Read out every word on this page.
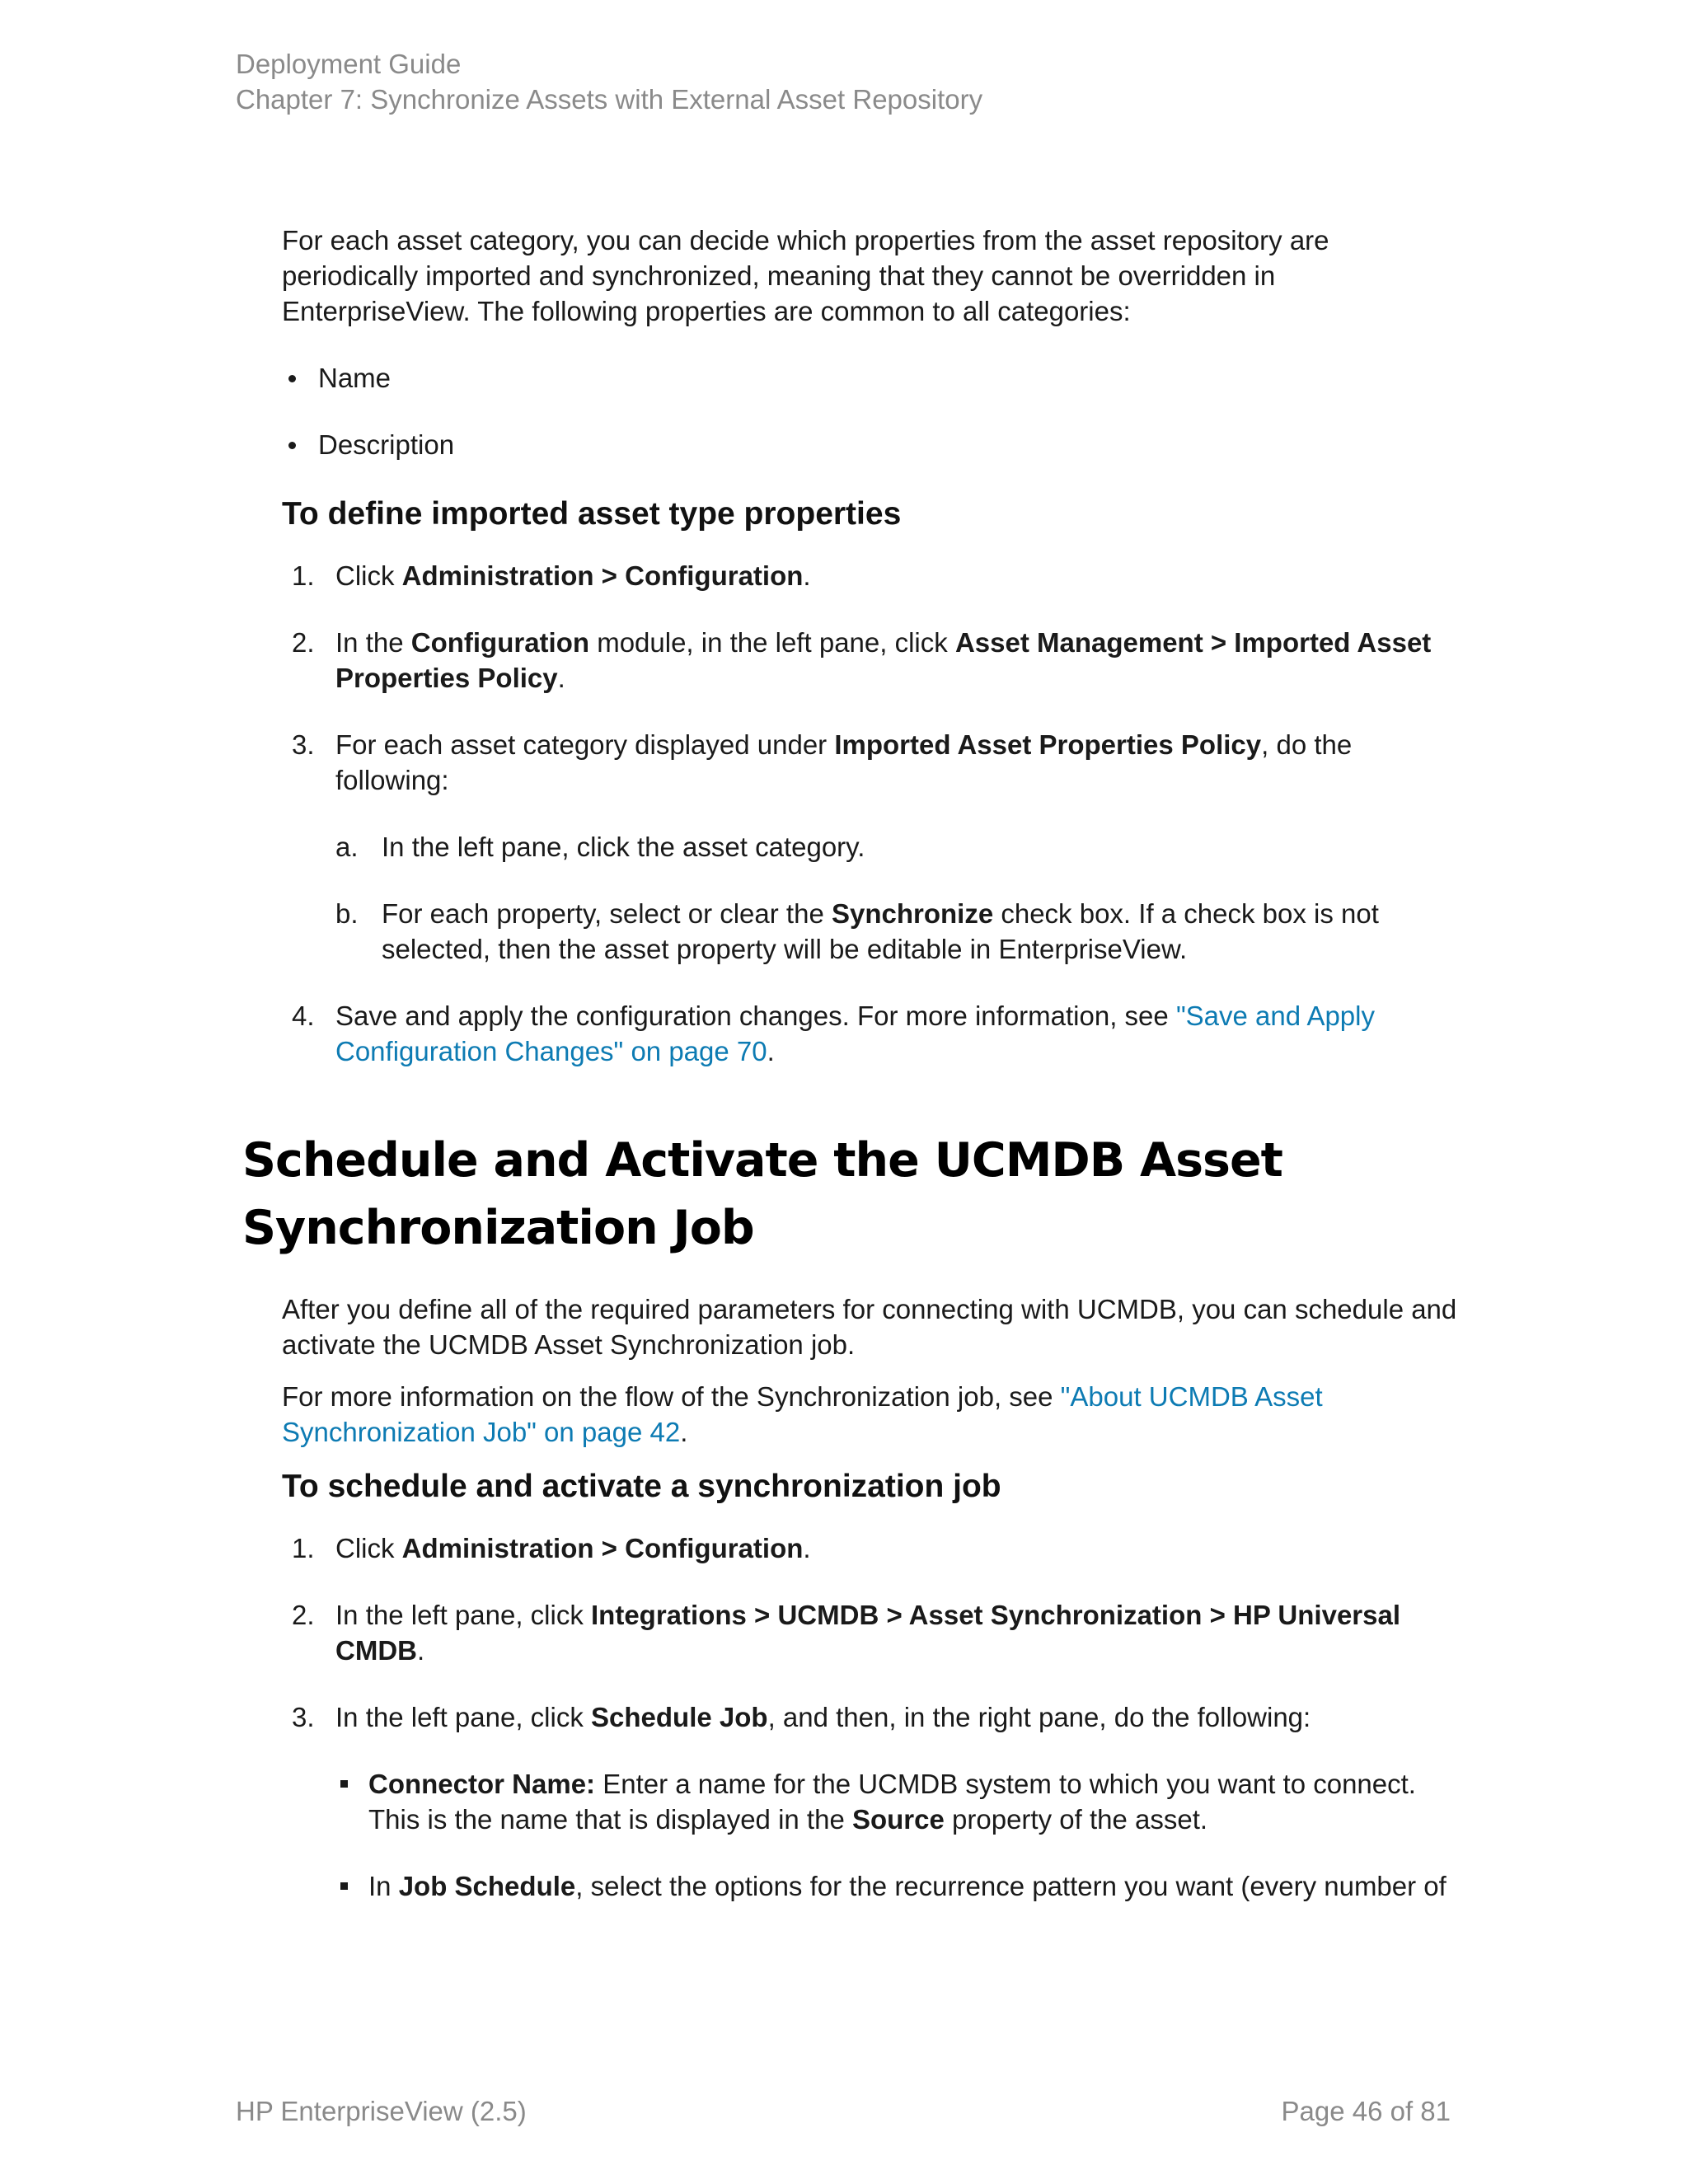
Deployment Guide
Chapter 7: Synchronize Assets with External Asset Repository

For each asset category, you can decide which properties from the asset repository are periodically imported and synchronized, meaning that they cannot be overridden in EnterpriseView. The following properties are common to all categories:

Name
Description
To define imported asset type properties
1. Click Administration > Configuration.
2. In the Configuration module, in the left pane, click Asset Management > Imported Asset Properties Policy.
3. For each asset category displayed under Imported Asset Properties Policy, do the following:
a. In the left pane, click the asset category.
b. For each property, select or clear the Synchronize check box. If a check box is not selected, then the asset property will be editable in EnterpriseView.
4. Save and apply the configuration changes. For more information, see "Save and Apply Configuration Changes" on page 70.
Schedule and Activate the UCMDB Asset Synchronization Job

After you define all of the required parameters for connecting with UCMDB, you can schedule and activate the UCMDB Asset Synchronization job.

For more information on the flow of the Synchronization job, see "About UCMDB Asset Synchronization Job" on page 42.

To schedule and activate a synchronization job
1. Click Administration > Configuration.
2. In the left pane, click Integrations > UCMDB > Asset Synchronization > HP Universal CMDB.
3. In the left pane, click Schedule Job, and then, in the right pane, do the following:
Connector Name: Enter a name for the UCMDB system to which you want to connect. This is the name that is displayed in the Source property of the asset.
In Job Schedule, select the options for the recurrence pattern you want (every number of
HP EnterpriseView (2.5)	Page 46 of 81
